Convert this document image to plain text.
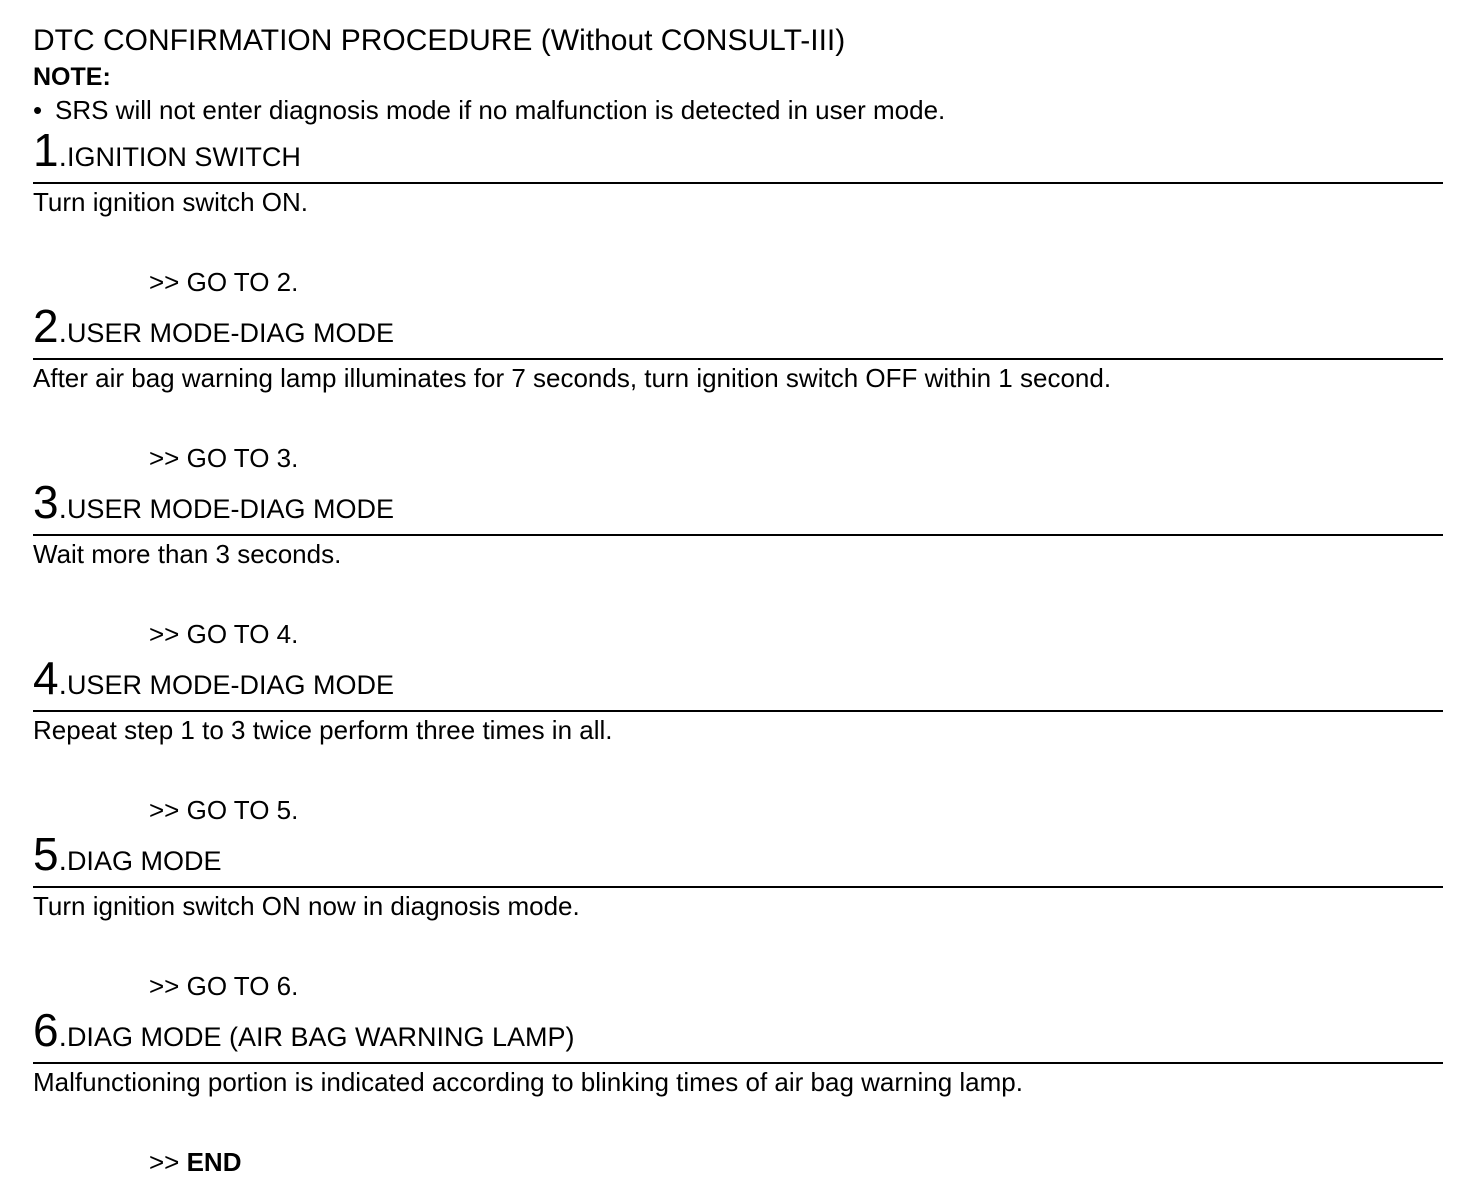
DTC CONFIRMATION PROCEDURE (Without CONSULT-III)
NOTE:
• SRS will not enter diagnosis mode if no malfunction is detected in user mode.
1.IGNITION SWITCH
Turn ignition switch ON.
>> GO TO 2.
2.USER MODE-DIAG MODE
After air bag warning lamp illuminates for 7 seconds, turn ignition switch OFF within 1 second.
>> GO TO 3.
3.USER MODE-DIAG MODE
Wait more than 3 seconds.
>> GO TO 4.
4.USER MODE-DIAG MODE
Repeat step 1 to 3 twice perform three times in all.
>> GO TO 5.
5.DIAG MODE
Turn ignition switch ON now in diagnosis mode.
>> GO TO 6.
6.DIAG MODE (AIR BAG WARNING LAMP)
Malfunctioning portion is indicated according to blinking times of air bag warning lamp.
>> END
